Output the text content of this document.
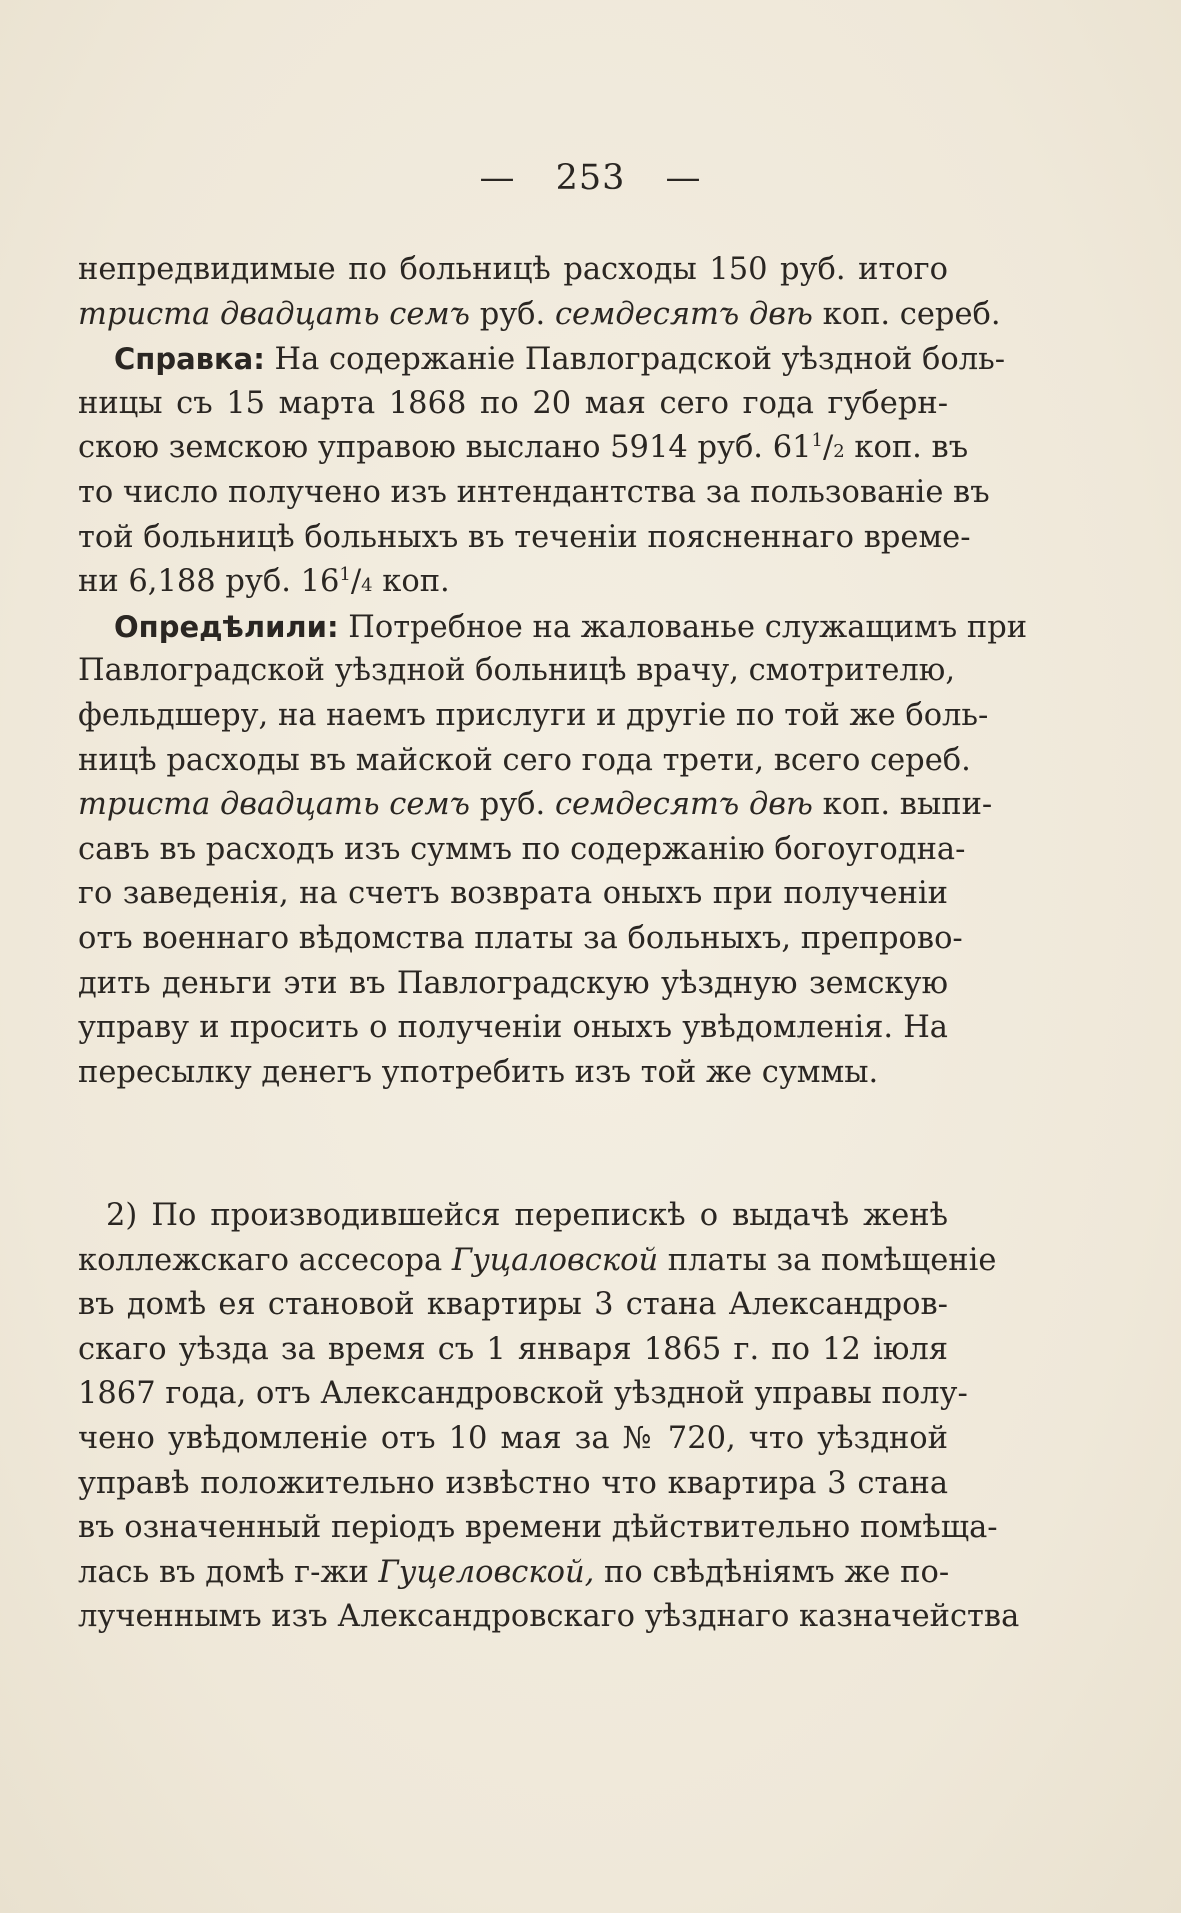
— 253 —
непредвидимые по больницѣ расходы 150 руб. итого
триста двадцать семъ руб. семдесятъ двѣ коп. сереб.
Справка: На содержаніе Павлоградской уѣздной боль-
ницы съ 15 марта 1868 по 20 мая сего года губерн-
скою земскою управою выслано 5914 руб. $61^1/2$ коп. въ
то число получено изъ интендантства за пользованіе въ
той больницѣ больныхъ въ теченіи поясненнаго време-
ни 6,188 руб. $16^1/4$ коп.
Опредѣлили: Потребное на жалованье служащимъ при
Павлоградской уѣздной больницѣ врачу, смотрителю,
фельдшеру, на наемъ прислуги и другіе по той же боль-
ницѣ расходы въ майской сего года трети, всего сереб.
триста двадцать семъ руб. семдесятъ двѣ коп. выпи-
савъ въ расходъ изъ суммъ по содержанію богоугодна-
го заведенія, на счетъ возврата оныхъ при полученіи
отъ военнаго вѣдомства платы за больныхъ, препрово-
дить деньги эти въ Павлоградскую уѣздную земскую
управу и просить о полученіи оныхъ увѣдомленія. На
пересылку денегъ употребить изъ той же суммы.
2) По производившейся перепискѣ о выдачѣ женѣ
коллежскаго ассесора Гуцаловской платы за помѣщеніе
въ домѣ ея становой квартиры 3 стана Александров-
скаго уѣзда за время съ 1 января 1865 г. по 12 іюля
1867 года, отъ Александровской уѣздной управы полу-
чено увѣдомленіе отъ 10 мая за № 720, что уѣздной
управѣ положительно извѣстно что квартира 3 стана
въ означенный періодъ времени дѣйствительно помѣща-
лась въ домѣ г-жи Гуцеловской, по свѣдѣніямъ же по-
лученнымъ изъ Александровскаго уѣзднаго казначейства
